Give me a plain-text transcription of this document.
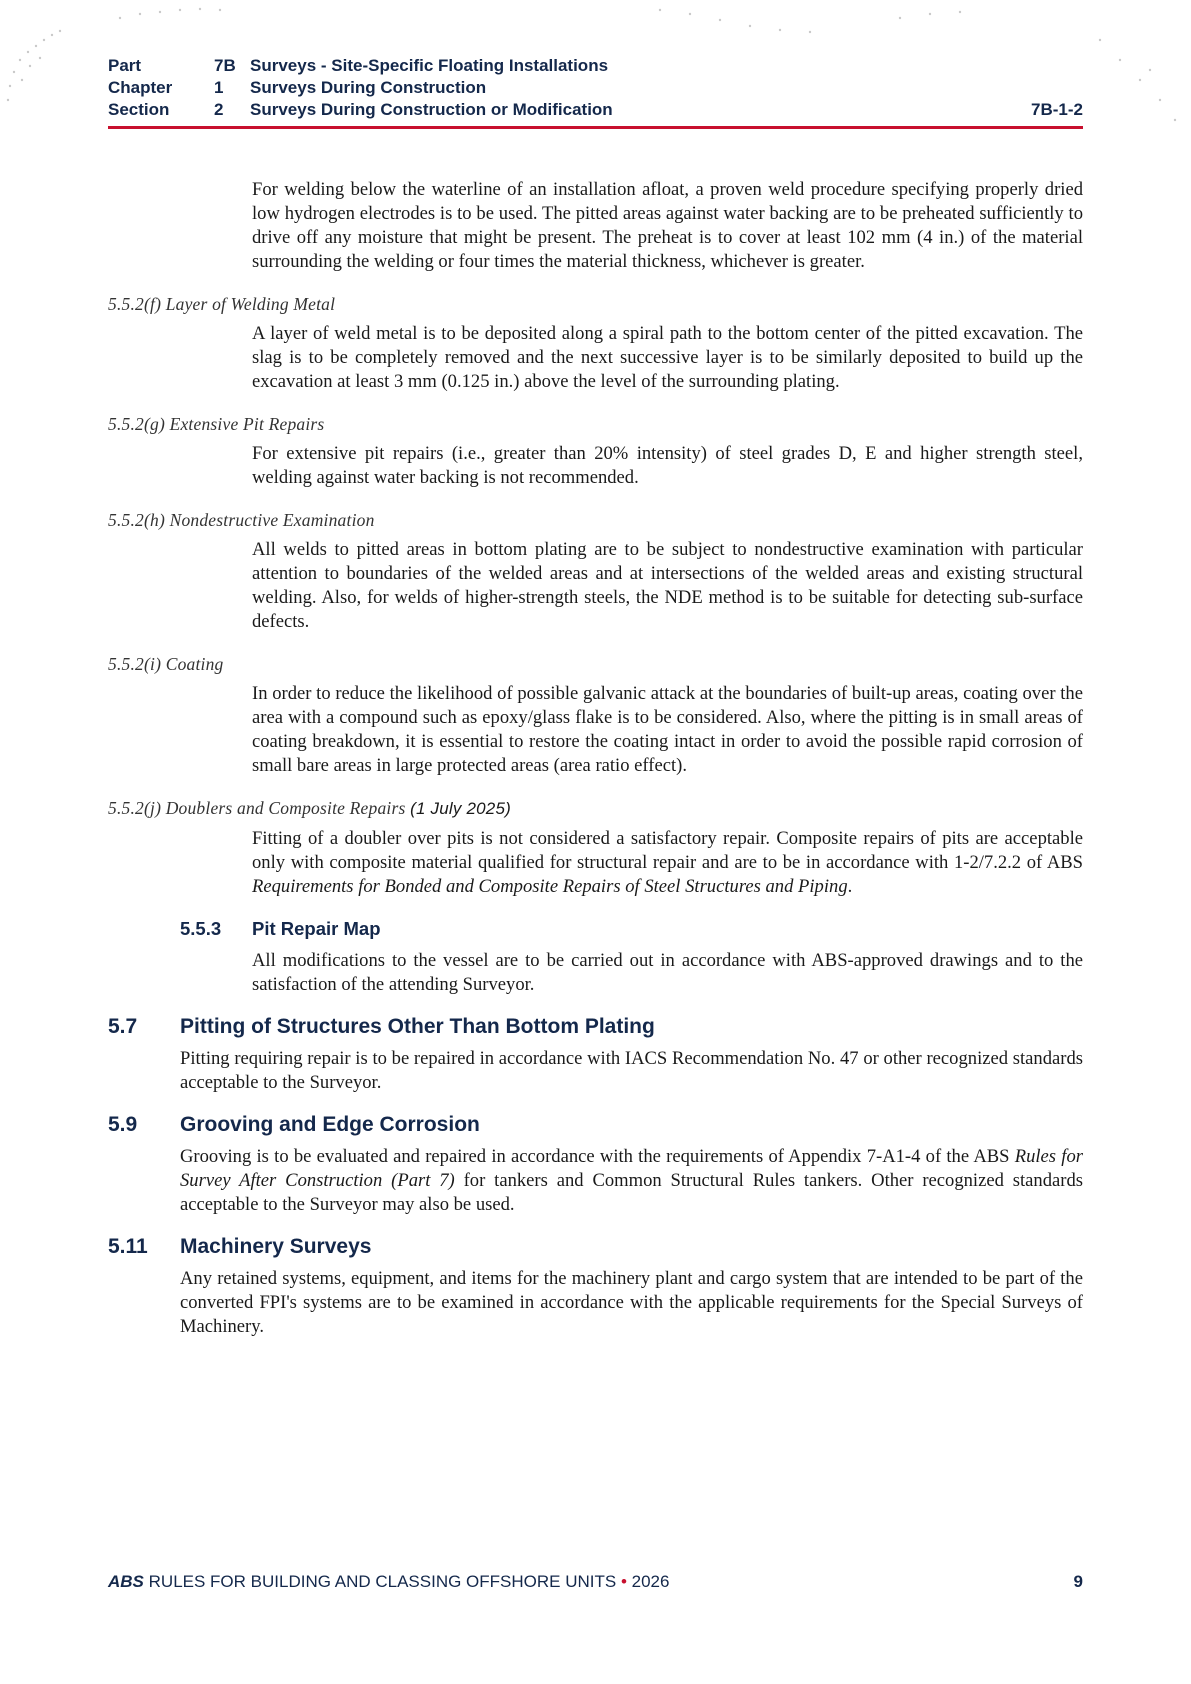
Part	7B Surveys - Site-Specific Floating Installations
Chapter	1	Surveys During Construction
Section	2	Surveys During Construction or Modification	7B-1-2

For welding below the waterline of an installation afloat, a proven weld procedure specifying properly dried low hydrogen electrodes is to be used. The pitted areas against water backing are to be preheated sufficiently to drive off any moisture that might be present. The preheat is to cover at least 102 mm (4 in.) of the material surrounding the welding or four times the material thickness, whichever is greater.

5.5.2(f) Layer of Welding Metal

A layer of weld metal is to be deposited along a spiral path to the bottom center of the pitted excavation. The slag is to be completely removed and the next successive layer is to be similarly deposited to build up the excavation at least 3 mm (0.125 in.) above the level of the surrounding plating.

5.5.2(g) Extensive Pit Repairs

For extensive pit repairs (i.e., greater than 20% intensity) of steel grades D, E and higher strength steel, welding against water backing is not recommended.

5.5.2(h) Nondestructive Examination

All welds to pitted areas in bottom plating are to be subject to nondestructive examination with particular attention to boundaries of the welded areas and at intersections of the welded areas and existing structural welding. Also, for welds of higher-strength steels, the NDE method is to be suitable for detecting sub-surface defects.

5.5.2(i) Coating

In order to reduce the likelihood of possible galvanic attack at the boundaries of built-up areas, coating over the area with a compound such as epoxy/glass flake is to be considered. Also, where the pitting is in small areas of coating breakdown, it is essential to restore the coating intact in order to avoid the possible rapid corrosion of small bare areas in large protected areas (area ratio effect).

5.5.2(j) Doublers and Composite Repairs (1 July 2025)

Fitting of a doubler over pits is not considered a satisfactory repair. Composite repairs of pits are acceptable only with composite material qualified for structural repair and are to be in accordance with 1-2/7.2.2 of ABS Requirements for Bonded and Composite Repairs of Steel Structures and Piping.

5.5.3	Pit Repair Map

All modifications to the vessel are to be carried out in accordance with ABS-approved drawings and to the satisfaction of the attending Surveyor.

5.7	Pitting of Structures Other Than Bottom Plating

Pitting requiring repair is to be repaired in accordance with IACS Recommendation No. 47 or other recognized standards acceptable to the Surveyor.

5.9	Grooving and Edge Corrosion

Grooving is to be evaluated and repaired in accordance with the requirements of Appendix 7-A1-4 of the ABS Rules for Survey After Construction (Part 7) for tankers and Common Structural Rules tankers. Other recognized standards acceptable to the Surveyor may also be used.

5.11	Machinery Surveys

Any retained systems, equipment, and items for the machinery plant and cargo system that are intended to be part of the converted FPI's systems are to be examined in accordance with the applicable requirements for the Special Surveys of Machinery.

ABS RULES FOR BUILDING AND CLASSING OFFSHORE UNITS • 2026	9
